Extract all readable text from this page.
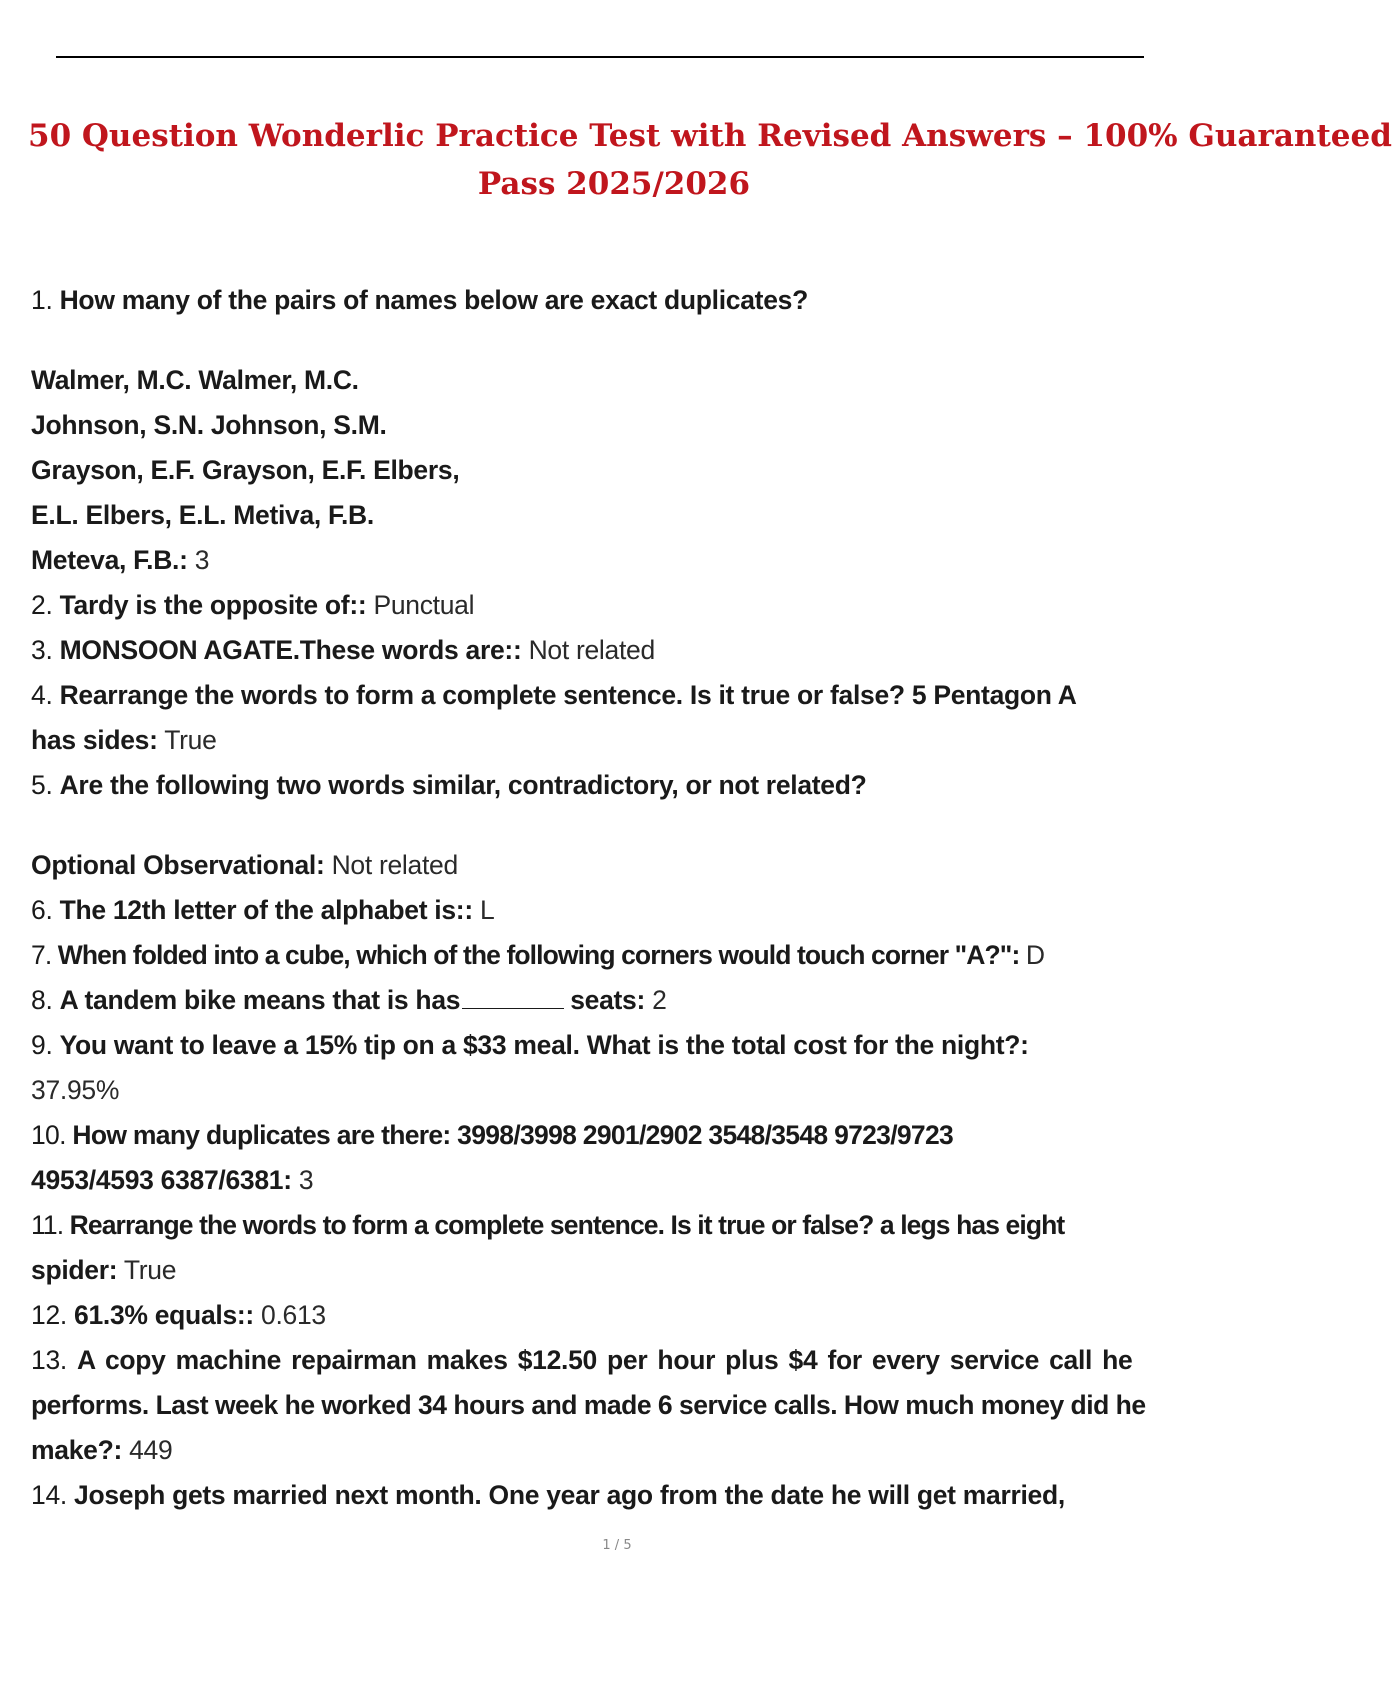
50 Question Wonderlic Practice Test with Revised Answers – 100% Guaranteed
Pass 2025/2026

1. How many of the pairs of names below are exact duplicates?

Walmer, M.C. Walmer, M.C.

Johnson, S.N. Johnson, S.M.

Grayson, E.F. Grayson, E.F. Elbers,

E.L. Elbers, E.L. Metiva, F.B.

Meteva, F.B.: 3

2. Tardy is the opposite of:: Punctual

3. MONSOON AGATE.These words are:: Not related

4. Rearrange the words to form a complete sentence. Is it true or false? 5 Pentagon A

has sides: True

5. Are the following two words similar, contradictory, or not related?

Optional Observational: Not related

6. The 12th letter of the alphabet is:: L

7. When folded into a cube, which of the following corners would touch corner "A?": D

8. A tandem bike means that is has	seats: 2

9. You want to leave a 15% tip on a $33 meal. What is the total cost for the night?:

37.95%

10. How many duplicates are there: 3998/3998 2901/2902 3548/3548 9723/9723

4953/4593 6387/6381: 3

11. Rearrange the words to form a complete sentence. Is it true or false? a legs has eight

spider: True

12. 61.3% equals:: 0.613

13. A copy machine repairman makes $12.50 per hour plus $4 for every service call he

performs. Last week he worked 34 hours and made 6 service calls. How much money did he

make?: 449

14. Joseph gets married next month. One year ago from the date he will get married,

1 / 5
